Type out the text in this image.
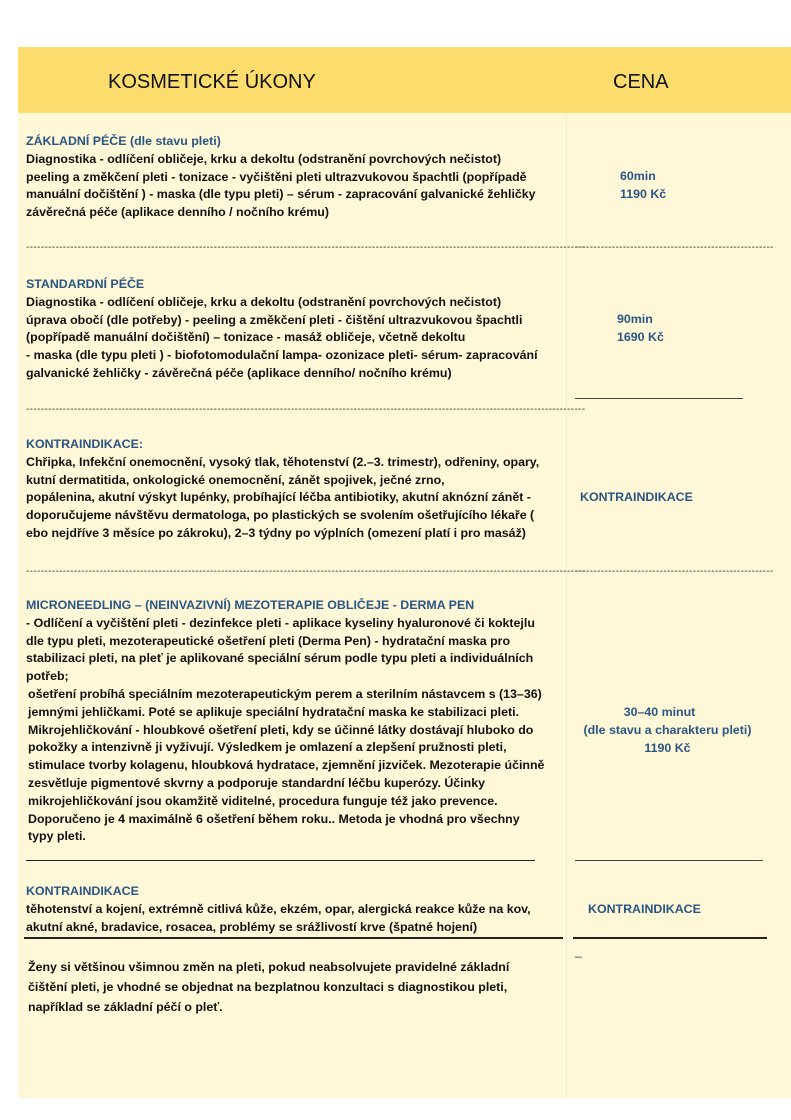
KOSMETICKÉ ÚKONY	CENA
ZÁKLADNÍ PÉČE (dle stavu pleti)
Diagnostika - odlíčení obličeje, krku a dekoltu (odstranění povrchových nečistot)
peeling a změkčení pleti - tonizace - vyčištěni pleti ultrazvukovou špachtli (popřípadě
manuální dočištění ) - maska (dle typu pleti) – sérum - zapracování galvanické žehličky
závěrečná péče (aplikace denního / nočního krému)
60min
1190 Kč
--------------------------------------------------------------------------------------------------------------------------------------------------------
------------------------------------------------------
STANDARDNÍ PÉČE
Diagnostika - odlíčení obličeje, krku a dekoltu (odstranění povrchových nečistot)
úprava obočí (dle potřeby) - peeling a změkčení pleti - čištění ultrazvukovou špachtli
(popřípadě manuální dočištění) – tonizace - masáž obličeje, včetně dekoltu
- maska (dle typu pleti ) - biofotomodulační lampa- ozonizace pleti- sérum- zapracování
galvanické žehličky - závěrečná péče (aplikace denního/ nočního krému)
90min
1690 Kč
--------------------------------------------------------------------------------------------------------------------------------------------------------
KONTRAINDIKACE:
Chřipka, Infekční onemocnění, vysoký tlak, těhotenství (2.–3. trimestr), odřeniny, opary,
kutní dermatitida, onkologické onemocnění, zánět spojivek, ječné zrno,
popálenina, akutní výskyt lupénky, probíhající léčba antibiotiky, akutní aknózní zánět -
doporučujeme návštěvu dermatologa, po plastických se svolením ošetřujícího lékaře (
ebo nejdříve 3 měsíce po zákroku), 2–3 týdny po výplních (omezení platí i pro masáž)
KONTRAINDIKACE
--------------------------------------------------------------------------------------------------------------------------------------------------------
------------------------------------------------------
MICRONEEDLING – (NEINVAZIVNÍ) MEZOTERAPIE OBLIČEJE - DERMA PEN
- Odlíčení a vyčištění pleti - dezinfekce pleti - aplikace kyseliny hyaluronové či koktejlu
dle typu pleti, mezoterapeutické ošetření pleti (Derma Pen) - hydratační maska pro
stabilizaci pleti, na pleť je aplikované speciální sérum podle typu pleti a individuálních
potřeb;
ošetření probíhá speciálním mezoterapeutickým perem a sterilním nástavcem s (13–36)
jemnými jehličkami. Poté se aplikuje speciální hydratační maska ke stabilizaci pleti.
Mikrojehličkování - hloubkové ošetření pleti, kdy se účinné látky dostávají hluboko do
pokožky a intenzivně ji vyživují. Výsledkem je omlazení a zlepšení pružnosti pleti,
stimulace tvorby kolagenu, hloubková hydratace, zjemnění jizviček. Mezoterapie účinně
zesvětluje pigmentové skvrny a podporuje standardní léčbu kuperózy. Účinky
mikrojehličkování jsou okamžitě viditelné, procedura funguje též jako prevence.
Doporučeno je 4 maximálně 6 ošetření během roku.. Metoda je vhodná pro všechny
typy pleti.
30–40 minut
(dle stavu a charakteru pleti)
1190 Kč
KONTRAINDIKACE
těhotenství a kojení, extrémně citlivá kůže, ekzém, opar, alergická reakce kůže na kov,
akutní akné, bradavice, rosacea, problémy se srážlivostí krve (špatné hojení)
KONTRAINDIKACE
_
Ženy si většinou všimnou změn na pleti, pokud neabsolvujete pravidelné základní
čištění pleti, je vhodné se objednat na bezplatnou konzultaci s diagnostikou pleti,
například se základní péčí o pleť.
